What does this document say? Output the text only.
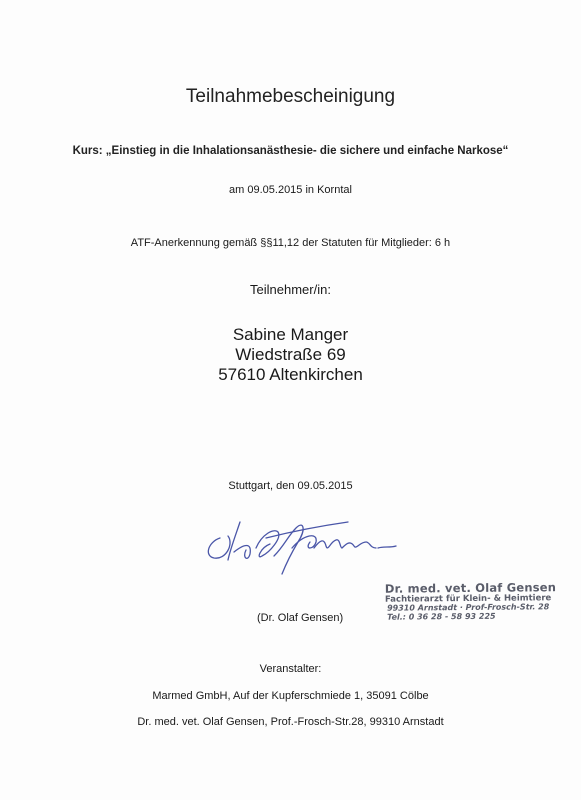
Teilnahmebescheinigung
Kurs: „Einstieg in die Inhalationsanästhesie- die sichere und einfache Narkose“
am 09.05.2015 in Korntal
ATF-Anerkennung gemäß §§11,12 der Statuten für Mitglieder: 6 h
Teilnehmer/in:
Sabine Manger
Wiedstraße 69
57610 Altenkirchen
Stuttgart, den 09.05.2015
(Dr. Olaf Gensen)
Dr. med. vet. Olaf Gensen
Fachtierarzt für Klein- & Heimtiere
99310 Arnstadt · Prof-Frosch-Str. 28
Tel.: 0 36 28 - 58 93 225
Veranstalter:
Marmed GmbH, Auf der Kupferschmiede 1, 35091 Cölbe
Dr. med. vet. Olaf Gensen, Prof.-Frosch-Str.28, 99310 Arnstadt
